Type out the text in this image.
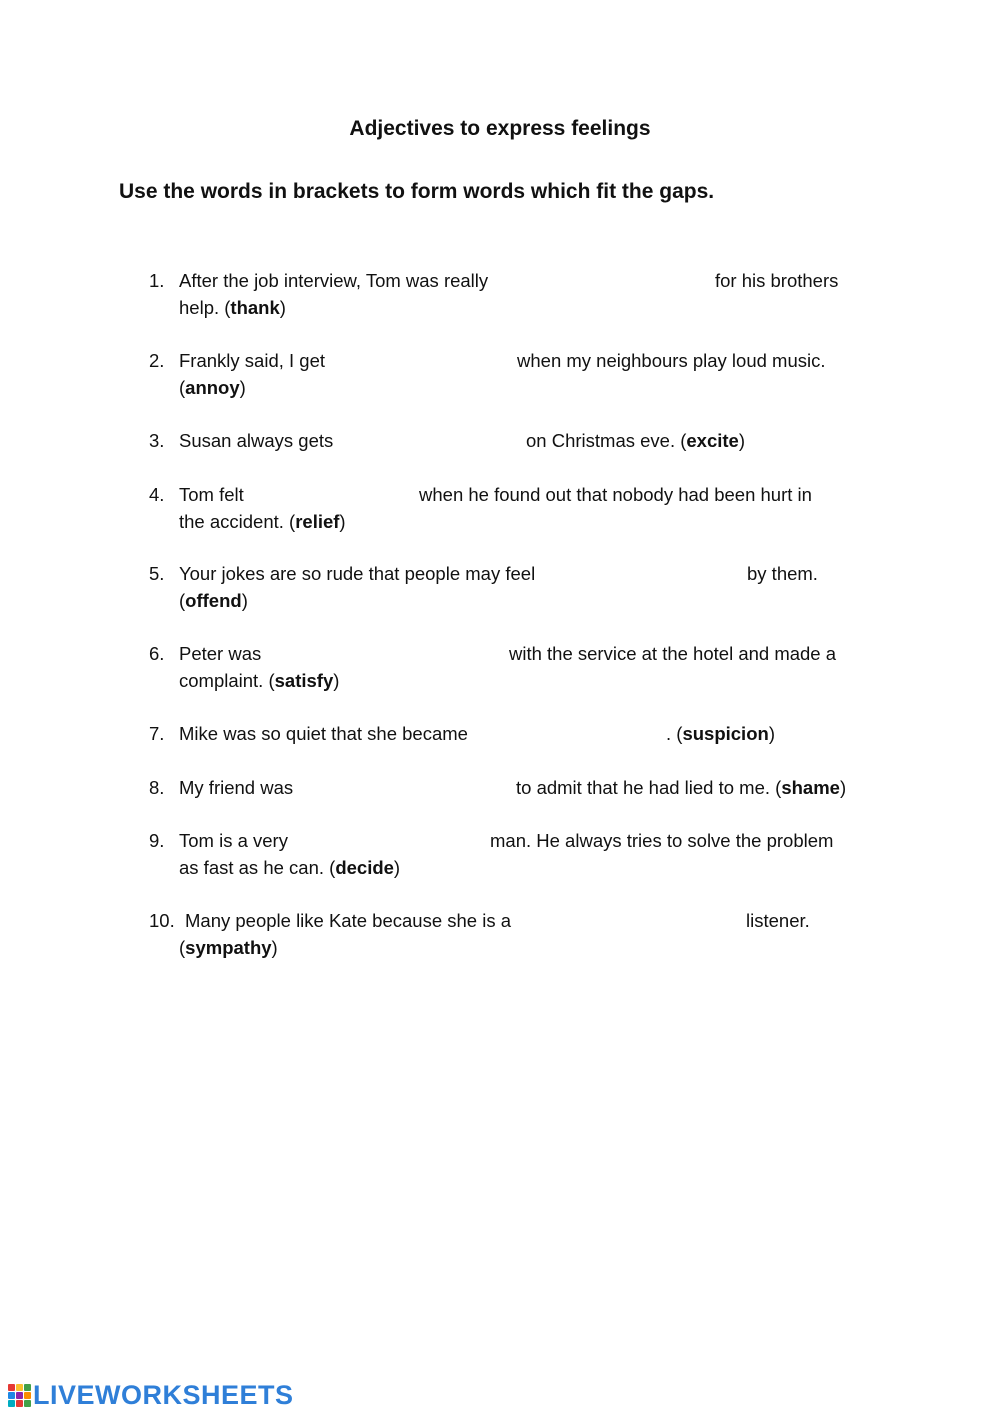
Adjectives to express feelings
Use the words in brackets to form words which fit the gaps.
1. After the job interview, Tom was really	for his brothers
help. (thank)
2. Frankly said, I get	when my neighbours play loud music.
(annoy)
3. Susan always gets	on Christmas eve. (excite)
4. Tom felt	when he found out that nobody had been hurt in
the accident. (relief)
5. Your jokes are so rude that people may feel	by them.
(offend)
6. Peter was	with the service at the hotel and made a
complaint. (satisfy)
7. Mike was so quiet that she became	. (suspicion)
8. My friend was	to admit that he had lied to me. (shame)
9. Tom is a very	man. He always tries to solve the problem
as fast as he can. (decide)
10. Many people like Kate because she is a	listener.
(sympathy)
LIVEWORKSHEETS
